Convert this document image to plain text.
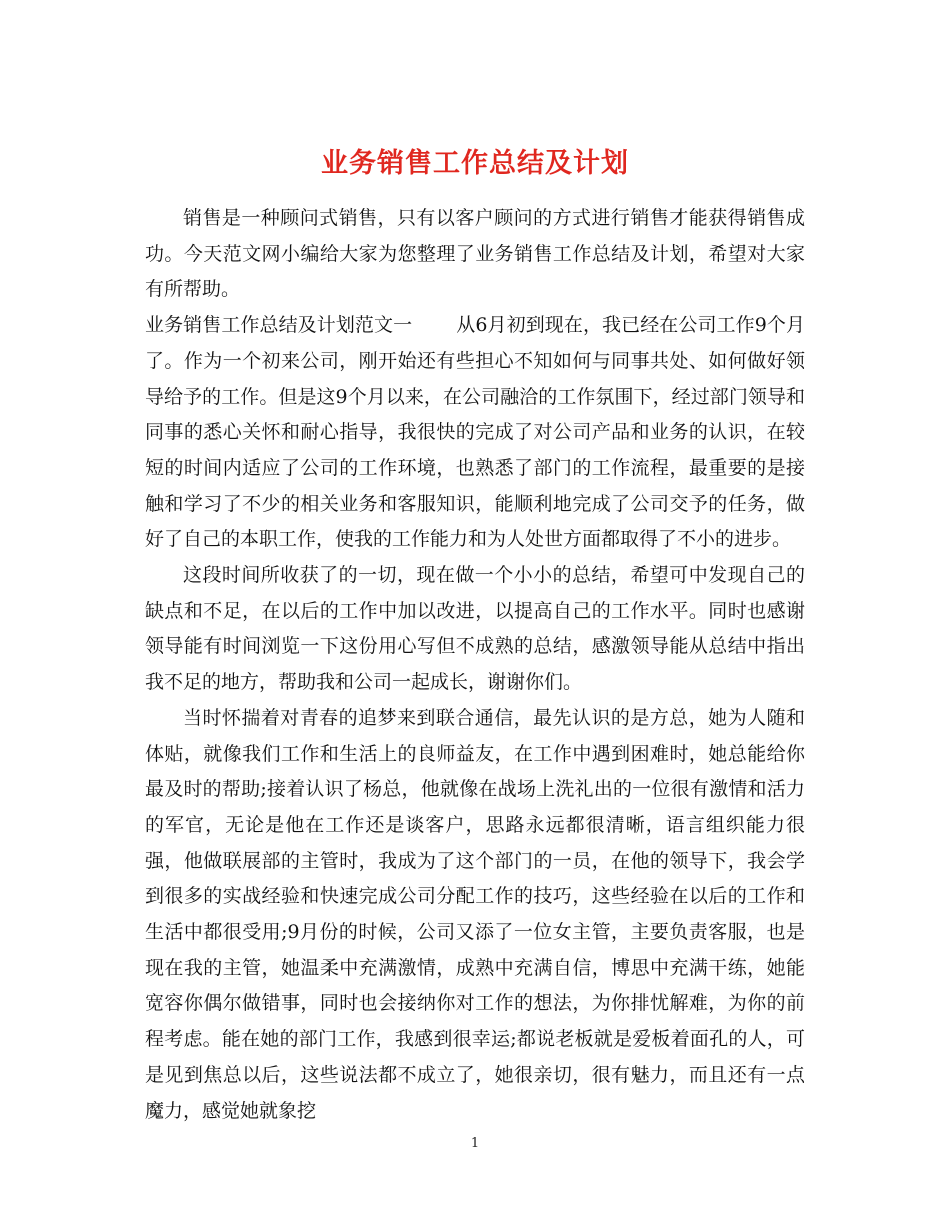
业务销售工作总结及计划

销售是一种顾问式销售，只有以客户顾问的方式进行销售才能获得销售成功。今天范文网小编给大家为您整理了业务销售工作总结及计划，希望对大家有所帮助。

业务销售工作总结及计划范文一 从6月初到现在，我已经在公司工作9个月了。作为一个初来公司，刚开始还有些担心不知如何与同事共处、如何做好领导给予的工作。但是这9个月以来，在公司融洽的工作氛围下，经过部门领导和同事的悉心关怀和耐心指导，我很快的完成了对公司产品和业务的认识，在较短的时间内适应了公司的工作环境，也熟悉了部门的工作流程，最重要的是接触和学习了不少的相关业务和客服知识，能顺利地完成了公司交予的任务，做好了自己的本职工作，使我的工作能力和为人处世方面都取得了不小的进步。

这段时间所收获了的一切，现在做一个小小的总结，希望可中发现自己的缺点和不足，在以后的工作中加以改进，以提高自己的工作水平。同时也感谢领导能有时间浏览一下这份用心写但不成熟的总结，感激领导能从总结中指出我不足的地方，帮助我和公司一起成长，谢谢你们。

当时怀揣着对青春的追梦来到联合通信，最先认识的是方总，她为人随和体贴，就像我们工作和生活上的良师益友，在工作中遇到困难时，她总能给你最及时的帮助;接着认识了杨总，他就像在战场上洗礼出的一位很有激情和活力的军官，无论是他在工作还是谈客户，思路永远都很清晰，语言组织能力很强，他做联展部的主管时，我成为了这个部门的一员，在他的领导下，我会学到很多的实战经验和快速完成公司分配工作的技巧，这些经验在以后的工作和生活中都很受用;9月份的时候，公司又添了一位女主管，主要负责客服，也是现在我的主管，她温柔中充满激情，成熟中充满自信，博思中充满干练，她能宽容你偶尔做错事，同时也会接纳你对工作的想法，为你排忧解难，为你的前程考虑。能在她的部门工作，我感到很幸运;都说老板就是爱板着面孔的人，可是见到焦总以后，这些说法都不成立了，她很亲切，很有魅力，而且还有一点魔力，感觉她就象挖

1
